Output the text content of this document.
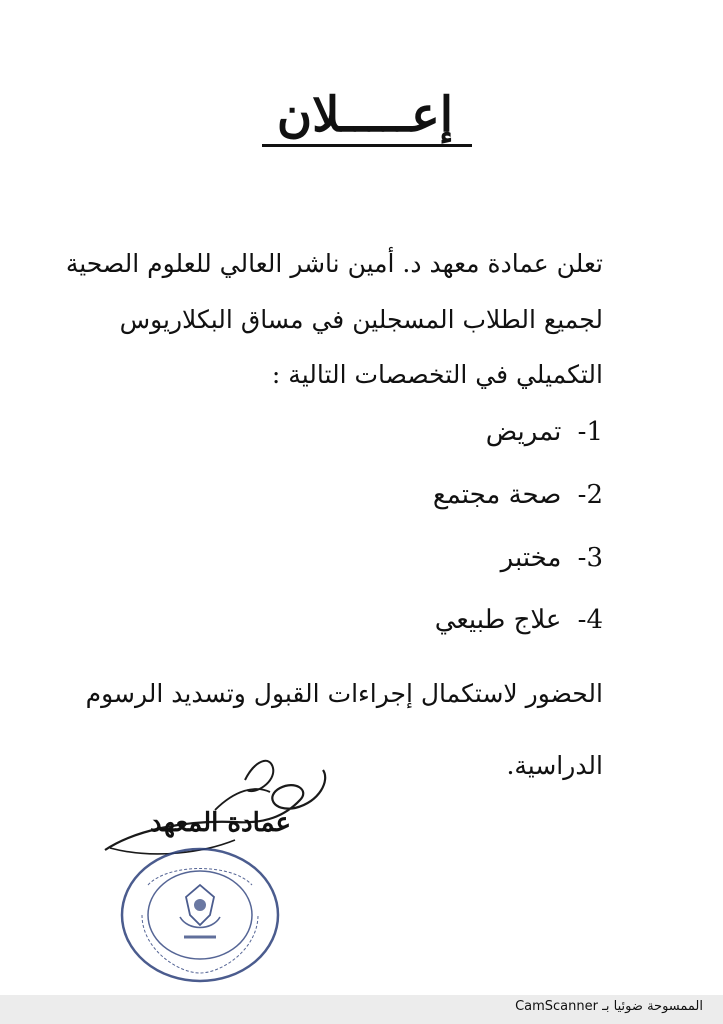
إعـــــلان
تعلن عمادة معهد د. أمين ناشر العالي للعلوم الصحية
لجميع الطلاب المسجلين في مساق البكلاريوس
التكميلي في التخصصات التالية :
1- تمريض
2- صحة مجتمع
3- مختبر
4- علاج طبيعي
الحضور لاستكمال إجراءات القبول وتسديد الرسوم
الدراسية.
عمادة المعهد
الممسوحة ضوئيا بـ CamScanner
